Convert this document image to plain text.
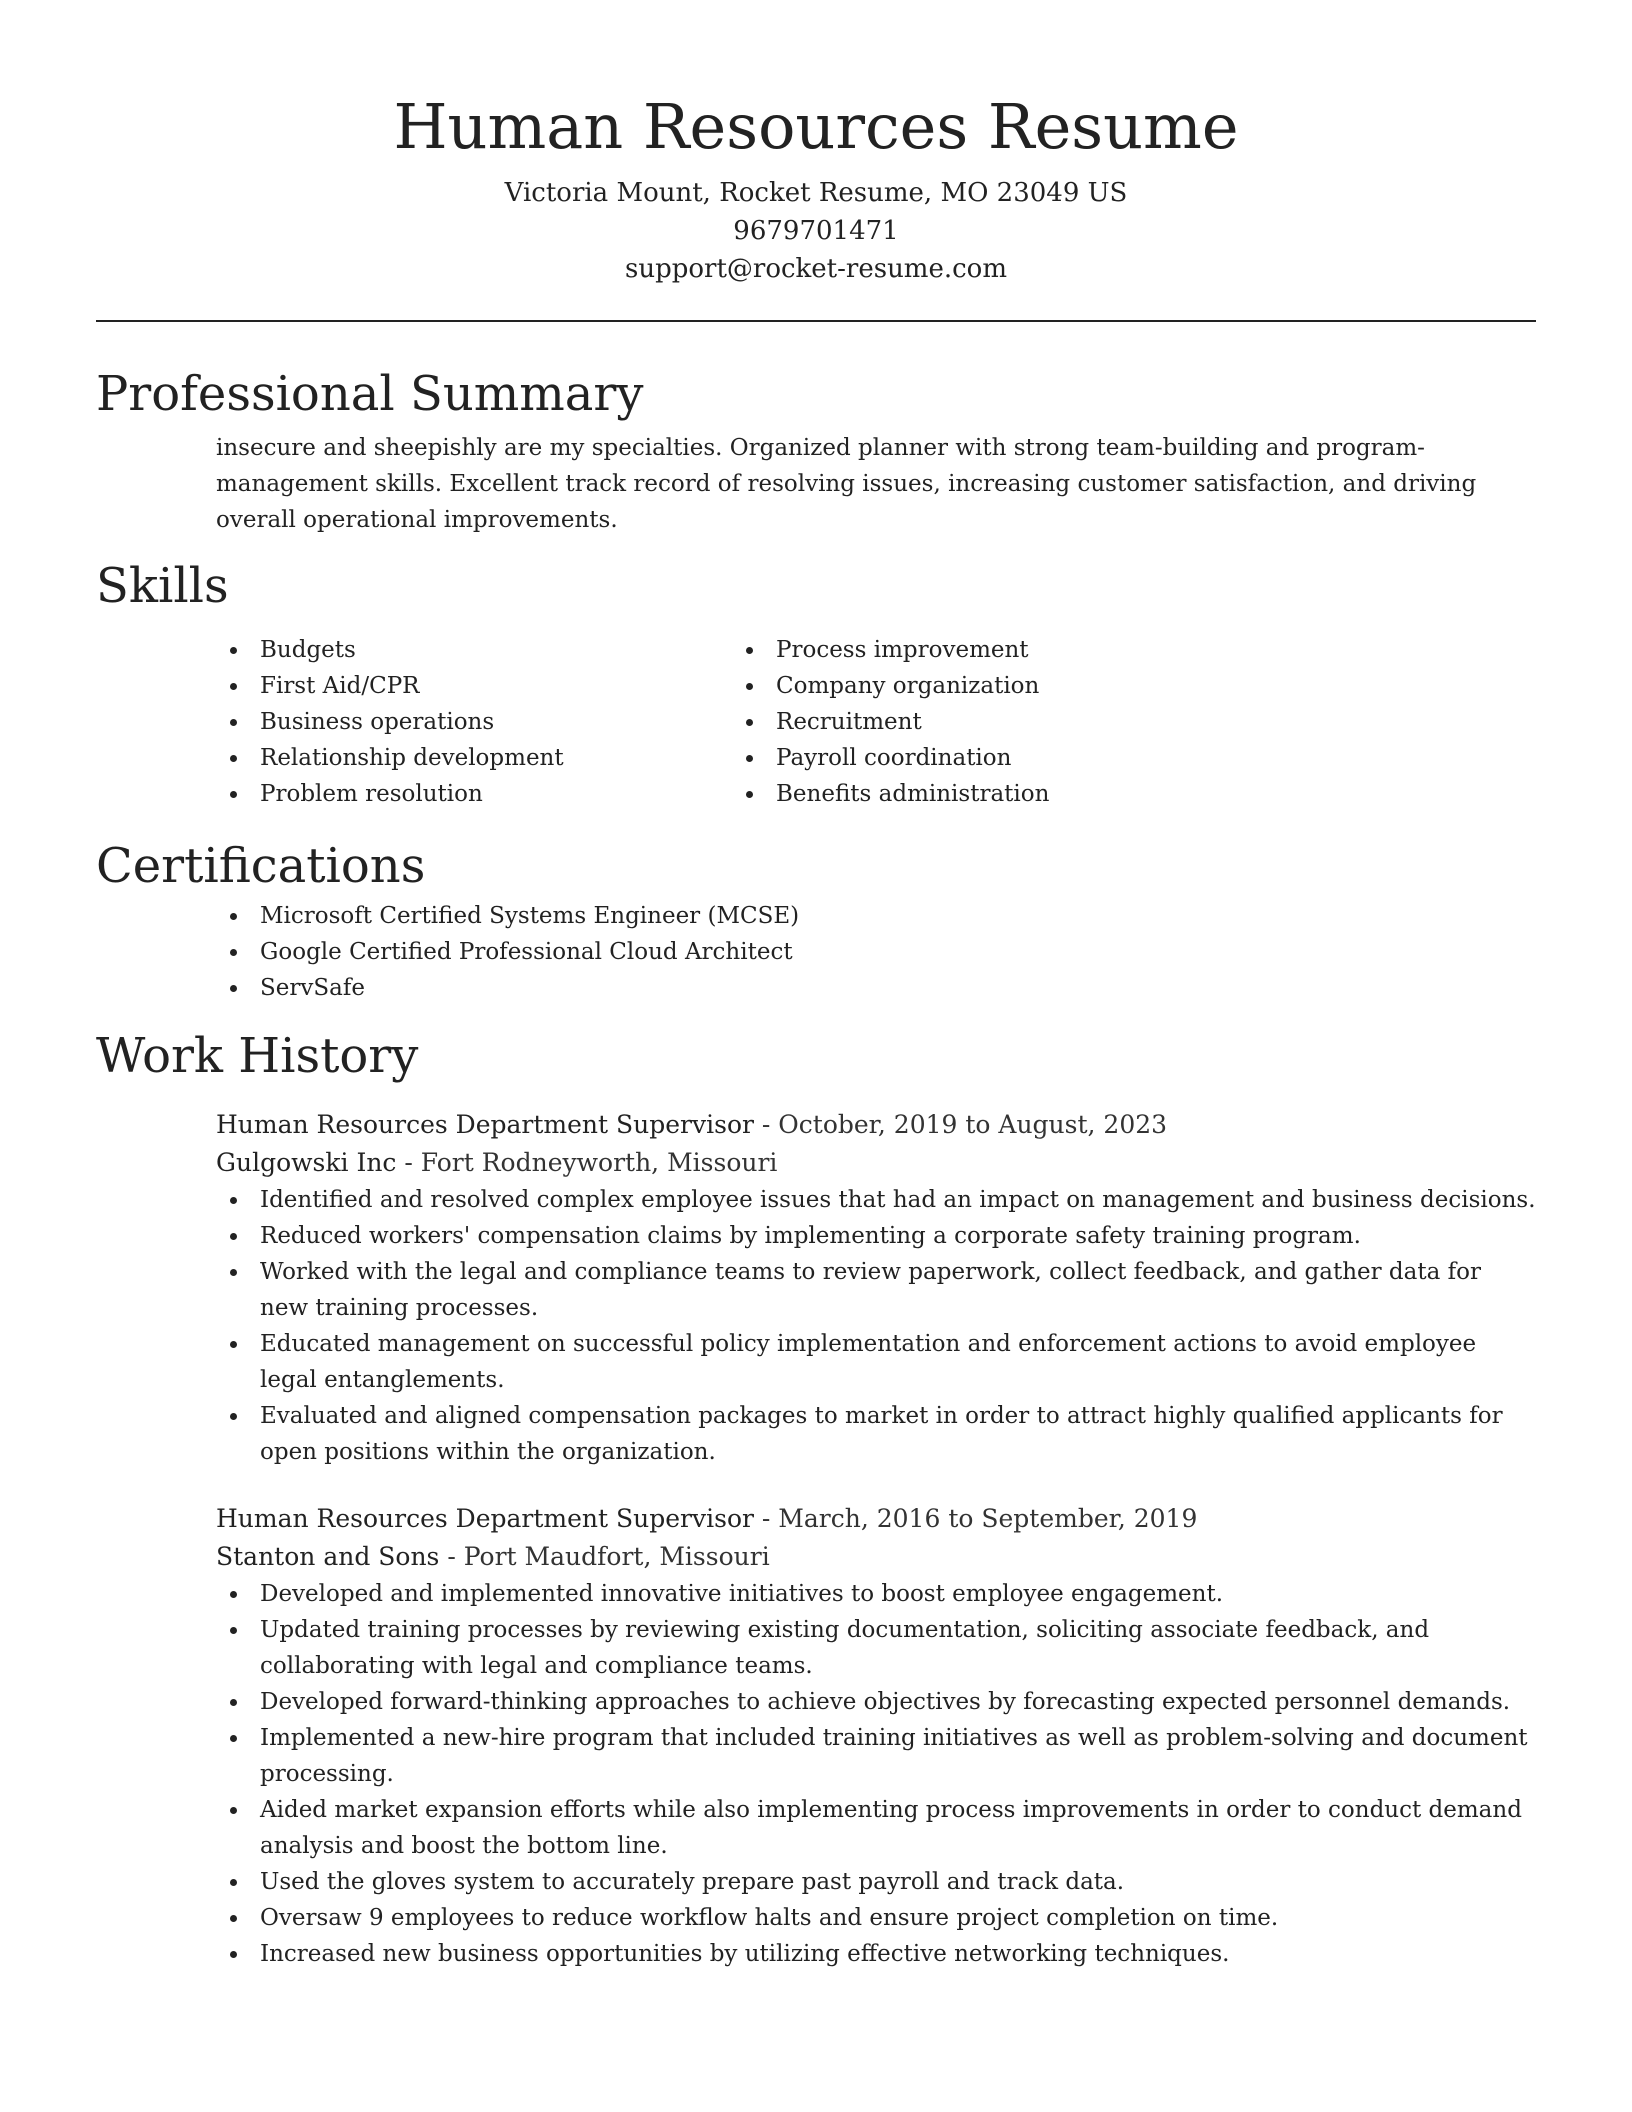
Human Resources Resume

Victoria Mount, Rocket Resume, MO 23049 US

9679701471

support@rocket-resume.com

Professional Summary

insecure and sheepishly are my specialties. Organized planner with strong team-building and program-management skills. Excellent track record of resolving issues, increasing customer satisfaction, and driving overall operational improvements.

Skills
Budgets
First Aid/CPR
Business operations
Relationship development
Problem resolution
Process improvement
Company organization
Recruitment
Payroll coordination
Benefits administration
Certifications
Microsoft Certified Systems Engineer (MCSE)
Google Certified Professional Cloud Architect
ServSafe
Work History
Human Resources Department Supervisor - October, 2019 to August, 2023
Gulgowski Inc - Fort Rodneyworth, Missouri
Identified and resolved complex employee issues that had an impact on management and business decisions.
Reduced workers' compensation claims by implementing a corporate safety training program.
Worked with the legal and compliance teams to review paperwork, collect feedback, and gather data for new training processes.
Educated management on successful policy implementation and enforcement actions to avoid employee legal entanglements.
Evaluated and aligned compensation packages to market in order to attract highly qualified applicants for open positions within the organization.
Human Resources Department Supervisor - March, 2016 to September, 2019
Stanton and Sons - Port Maudfort, Missouri
Developed and implemented innovative initiatives to boost employee engagement.
Updated training processes by reviewing existing documentation, soliciting associate feedback, and collaborating with legal and compliance teams.
Developed forward-thinking approaches to achieve objectives by forecasting expected personnel demands.
Implemented a new-hire program that included training initiatives as well as problem-solving and document processing.
Aided market expansion efforts while also implementing process improvements in order to conduct demand analysis and boost the bottom line.
Used the gloves system to accurately prepare past payroll and track data.
Oversaw 9 employees to reduce workflow halts and ensure project completion on time.
Increased new business opportunities by utilizing effective networking techniques.
